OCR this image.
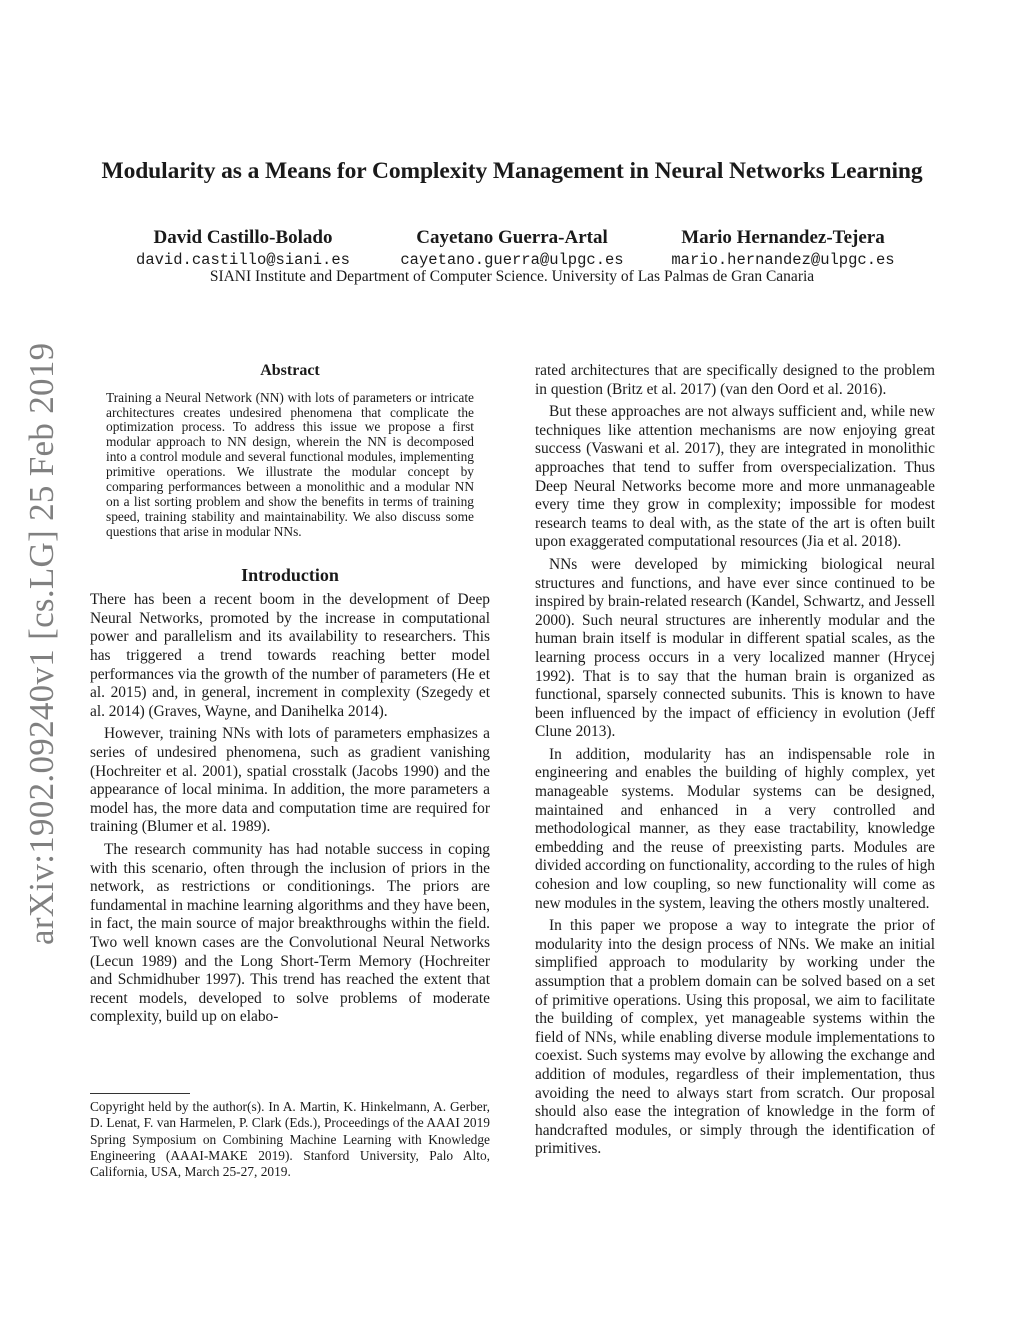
Modularity as a Means for Complexity Management in Neural Networks Learning
David Castillo-Bolado
david.castillo@siani.es
Cayetano Guerra-Artal
cayetano.guerra@ulpgc.es
Mario Hernandez-Tejera
mario.hernandez@ulpgc.es
SIANI Institute and Department of Computer Science. University of Las Palmas de Gran Canaria
arXiv:1902.09240v1 [cs.LG] 25 Feb 2019	Abstract
Training a Neural Network (NN) with lots of parameters or intricate architectures creates undesired phenomena that complicate the optimization process. To address this issue we propose a first modular approach to NN design, wherein the NN is decomposed into a control module and several functional modules, implementing primitive operations. We illustrate the modular concept by comparing performances between a monolithic and a modular NN on a list sorting problem and show the benefits in terms of training speed, training stability and maintainability. We also discuss some questions that arise in modular NNs.
Introduction

There has been a recent boom in the development of Deep Neural Networks, promoted by the increase in computational power and parallelism and its availability to researchers. This has triggered a trend towards reaching better model performances via the growth of the number of parameters (He et al. 2015) and, in general, increment in complexity (Szegedy et al. 2014) (Graves, Wayne, and Danihelka 2014).

However, training NNs with lots of parameters emphasizes a series of undesired phenomena, such as gradient vanishing (Hochreiter et al. 2001), spatial crosstalk (Jacobs 1990) and the appearance of local minima. In addition, the more parameters a model has, the more data and computation time are required for training (Blumer et al. 1989).

The research community has had notable success in coping with this scenario, often through the inclusion of priors in the network, as restrictions or conditionings. The priors are fundamental in machine learning algorithms and they have been, in fact, the main source of major breakthroughs within the field. Two well known cases are the Convolutional Neural Networks (Lecun 1989) and the Long Short-Term Memory (Hochreiter and Schmidhuber 1997). This trend has reached the extent that recent models, developed to solve problems of moderate complexity, build up on elabo-

Copyright held by the author(s). In A. Martin, K. Hinkelmann, A. Gerber, D. Lenat, F. van Harmelen, P. Clark (Eds.), Proceedings of the AAAI 2019 Spring Symposium on Combining Machine Learning with Knowledge Engineering (AAAI-MAKE 2019). Stanford University, Palo Alto, California, USA, March 25-27, 2019.

rated architectures that are specifically designed to the problem in question (Britz et al. 2017) (van den Oord et al. 2016).

But these approaches are not always sufficient and, while new techniques like attention mechanisms are now enjoying great success (Vaswani et al. 2017), they are integrated in monolithic approaches that tend to suffer from overspecialization. Thus Deep Neural Networks become more and more unmanageable every time they grow in complexity; impossible for modest research teams to deal with, as the state of the art is often built upon exaggerated computational resources (Jia et al. 2018).

NNs were developed by mimicking biological neural structures and functions, and have ever since continued to be inspired by brain-related research (Kandel, Schwartz, and Jessell 2000). Such neural structures are inherently modular and the human brain itself is modular in different spatial scales, as the learning process occurs in a very localized manner (Hrycej 1992). That is to say that the human brain is organized as functional, sparsely connected subunits. This is known to have been influenced by the impact of efficiency in evolution (Jeff Clune 2013).

In addition, modularity has an indispensable role in engineering and enables the building of highly complex, yet manageable systems. Modular systems can be designed, maintained and enhanced in a very controlled and methodological manner, as they ease tractability, knowledge embedding and the reuse of preexisting parts. Modules are divided according on functionality, according to the rules of high cohesion and low coupling, so new functionality will come as new modules in the system, leaving the others mostly unaltered.

In this paper we propose a way to integrate the prior of modularity into the design process of NNs. We make an initial simplified approach to modularity by working under the assumption that a problem domain can be solved based on a set of primitive operations. Using this proposal, we aim to facilitate the building of complex, yet manageable systems within the field of NNs, while enabling diverse module implementations to coexist. Such systems may evolve by allowing the exchange and addition of modules, regardless of their implementation, thus avoiding the need to always start from scratch. Our proposal should also ease the integration of knowledge in the form of handcrafted modules, or simply through the identification of primitives.
